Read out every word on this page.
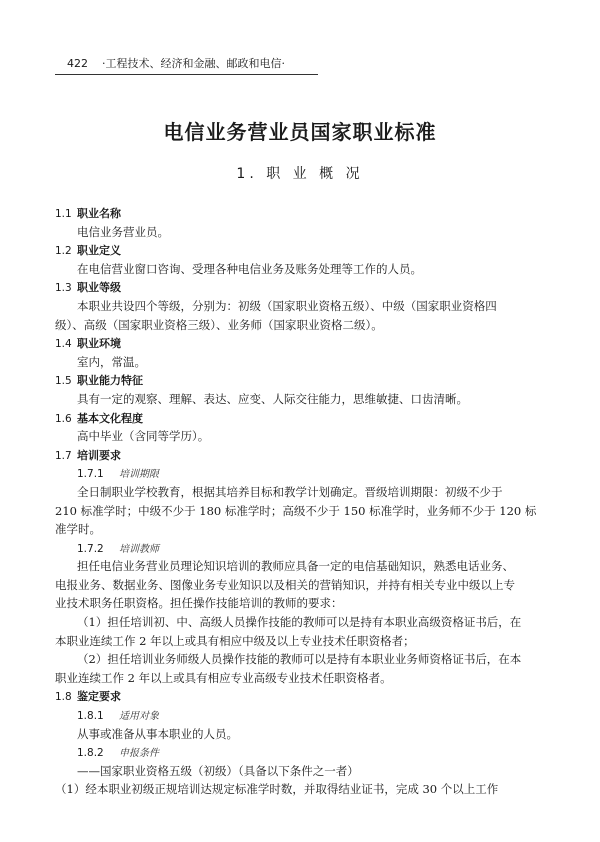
422 ·工程技术、经济和金融、邮政和电信·
电信业务营业员国家职业标准
1. 职 业 概 况
1.1 职业名称
电信业务营业员。
1.2 职业定义
在电信营业窗口咨询、受理各种电信业务及账务处理等工作的人员。
1.3 职业等级
本职业共设四个等级，分别为：初级（国家职业资格五级）、中级（国家职业资格四
级）、高级（国家职业资格三级）、业务师（国家职业资格二级）。
1.4 职业环境
室内，常温。
1.5 职业能力特征
具有一定的观察、理解、表达、应变、人际交往能力，思维敏捷、口齿清晰。
1.6 基本文化程度
高中毕业（含同等学历）。
1.7 培训要求
1.7.1 培训期限
全日制职业学校教育，根据其培养目标和教学计划确定。晋级培训期限：初级不少于
210 标准学时；中级不少于 180 标准学时；高级不少于 150 标准学时，业务师不少于 120 标
准学时。
1.7.2 培训教师
担任电信业务营业员理论知识培训的教师应具备一定的电信基础知识，熟悉电话业务、
电报业务、数据业务、图像业务专业知识以及相关的营销知识，并持有相关专业中级以上专
业技术职务任职资格。担任操作技能培训的教师的要求：
（1）担任培训初、中、高级人员操作技能的教师可以是持有本职业高级资格证书后，在
本职业连续工作 2 年以上或具有相应中级及以上专业技术任职资格者；
（2）担任培训业务师级人员操作技能的教师可以是持有本职业业务师资格证书后，在本
职业连续工作 2 年以上或具有相应专业高级专业技术任职资格者。
1.8 鉴定要求
1.8.1 适用对象
从事或准备从事本职业的人员。
1.8.2 申报条件
——国家职业资格五级（初级）（具备以下条件之一者）
（1）经本职业初级正规培训达规定标准学时数，并取得结业证书，完成 30 个以上工作
